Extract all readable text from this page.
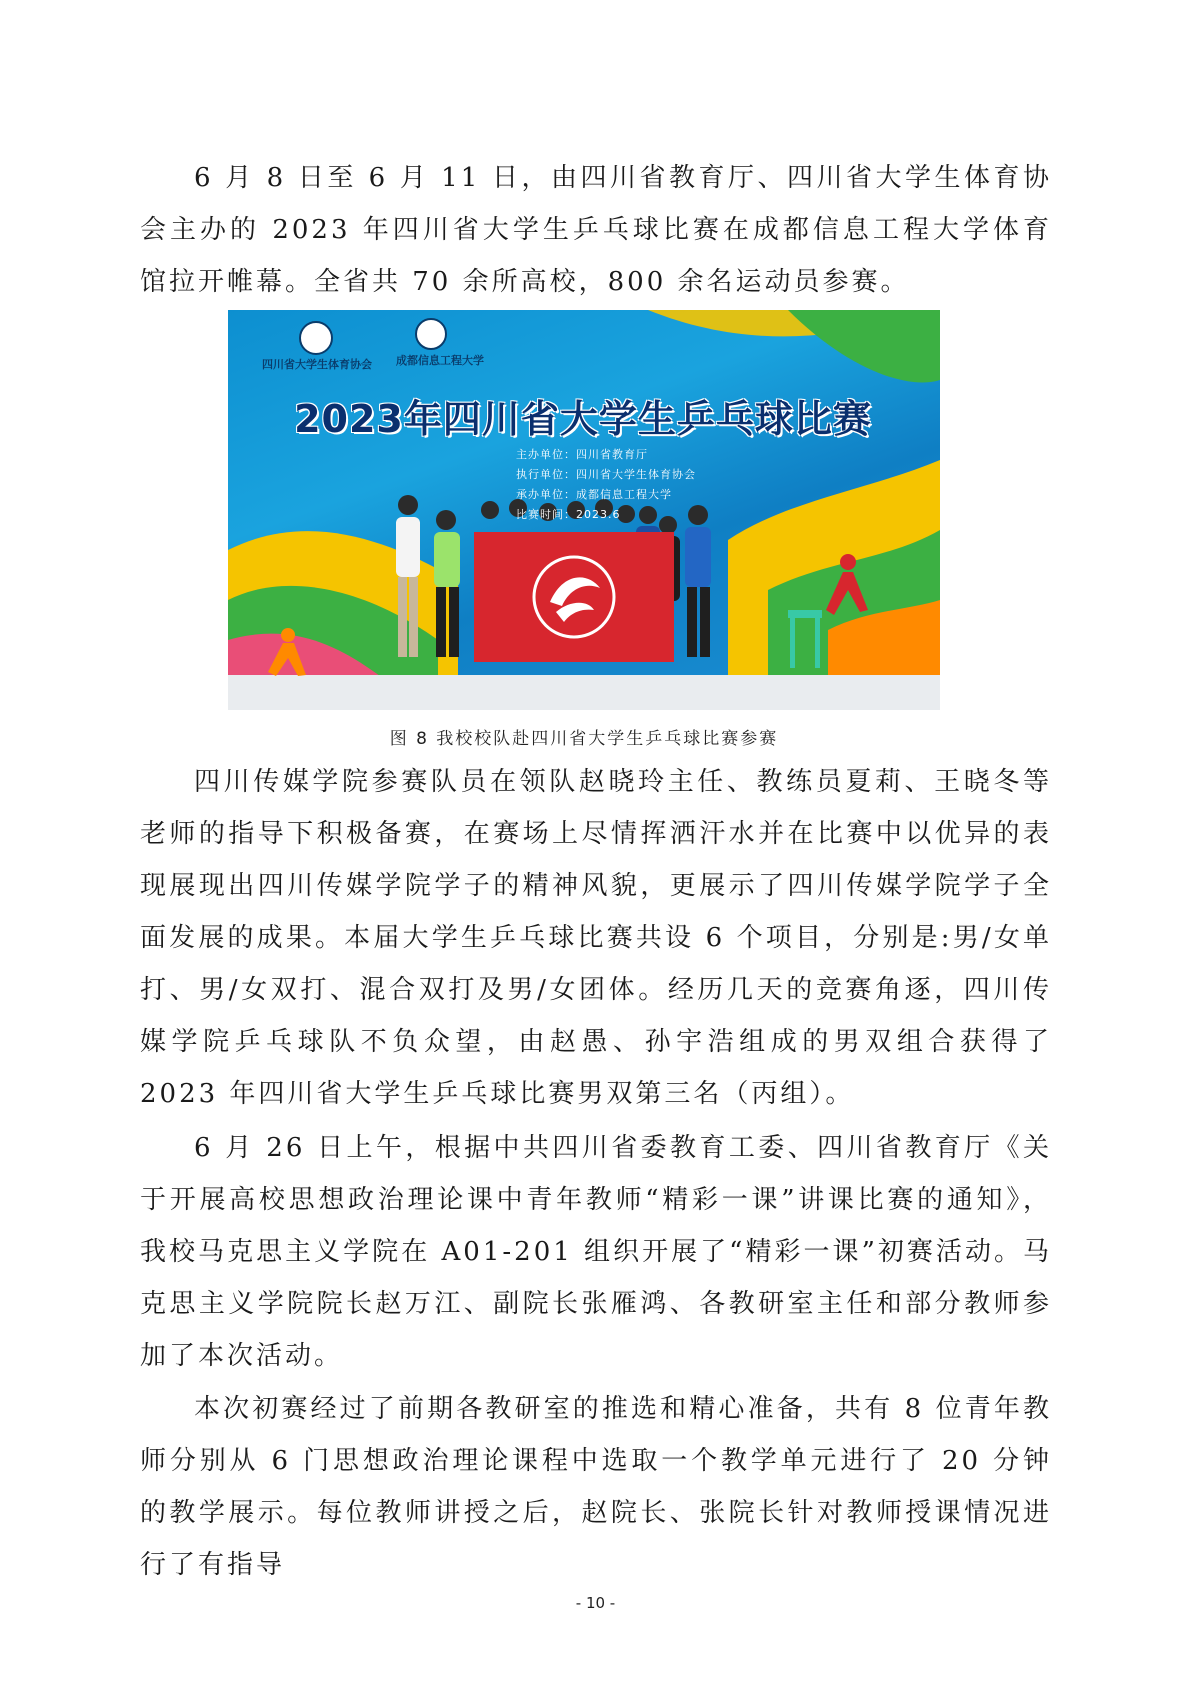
6 月 8 日至 6 月 11 日，由四川省教育厅、四川省大学生体育协会主办的 2023 年四川省大学生乒乓球比赛在成都信息工程大学体育馆拉开帷幕。全省共 70 余所高校，800 余名运动员参赛。

四川省大学生体育协会 成都信息工程大学
2023年四川省大学生乒乓球比赛
主办单位：四川省教育厅
执行单位：四川省大学生体育协会
承办单位：成都信息工程大学
比赛时间：2023.6
图 8 我校校队赴四川省大学生乒乓球比赛参赛

四川传媒学院参赛队员在领队赵晓玲主任、教练员夏莉、王晓冬等老师的指导下积极备赛，在赛场上尽情挥洒汗水并在比赛中以优异的表现展现出四川传媒学院学子的精神风貌，更展示了四川传媒学院学子全面发展的成果。本届大学生乒乓球比赛共设 6 个项目，分别是:男/女单打、男/女双打、混合双打及男/女团体。经历几天的竞赛角逐，四川传媒学院乒乓球队不负众望，由赵愚、孙宇浩组成的男双组合获得了 2023 年四川省大学生乒乓球比赛男双第三名（丙组）。

6 月 26 日上午，根据中共四川省委教育工委、四川省教育厅《关于开展高校思想政治理论课中青年教师“精彩一课”讲课比赛的通知》，我校马克思主义学院在 A01-201 组织开展了“精彩一课”初赛活动。马克思主义学院院长赵万江、副院长张雁鸿、各教研室主任和部分教师参加了本次活动。

本次初赛经过了前期各教研室的推选和精心准备，共有 8 位青年教师分别从 6 门思想政治理论课程中选取一个教学单元进行了 20 分钟的教学展示。每位教师讲授之后，赵院长、张院长针对教师授课情况进行了有指导

- 10 -
